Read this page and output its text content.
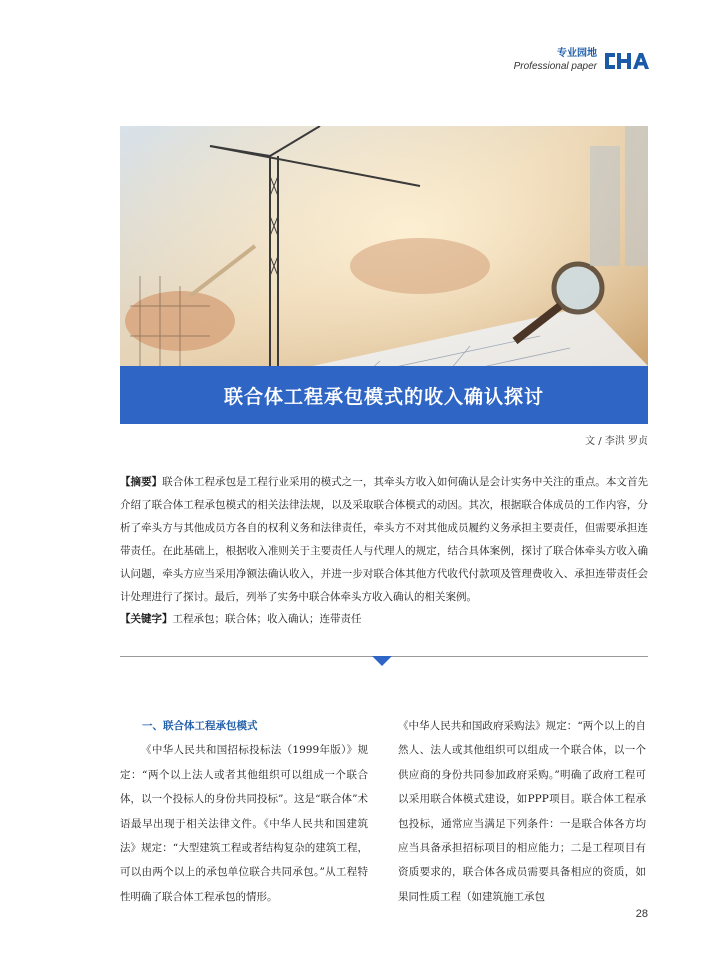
专业园地
Professional paper
联合体工程承包模式的收入确认探讨
文 / 李洪 罗贞
【摘要】联合体工程承包是工程行业采用的模式之一，其牵头方收入如何确认是会计实务中关注的重点。本文首先介绍了联合体工程承包模式的相关法律法规，以及采取联合体模式的动因。其次，根据联合体成员的工作内容，分析了牵头方与其他成员方各自的权利义务和法律责任，牵头方不对其他成员履约义务承担主要责任，但需要承担连带责任。在此基础上，根据收入准则关于主要责任人与代理人的规定，结合具体案例，探讨了联合体牵头方收入确认问题，牵头方应当采用净额法确认收入，并进一步对联合体其他方代收代付款项及管理费收入、承担连带责任会计处理进行了探讨。最后，列举了实务中联合体牵头方收入确认的相关案例。
【关键字】工程承包；联合体；收入确认；连带责任
一、联合体工程承包模式

《中华人民共和国招标投标法（1999年版）》规定：“两个以上法人或者其他组织可以组成一个联合体，以一个投标人的身份共同投标”。这是“联合体”术语最早出现于相关法律文件。《中华人民共和国建筑法》规定：“大型建筑工程或者结构复杂的建筑工程，可以由两个以上的承包单位联合共同承包。”从工程特性明确了联合体工程承包的情形。

《中华人民共和国政府采购法》规定：“两个以上的自然人、法人或其他组织可以组成一个联合体，以一个供应商的身份共同参加政府采购。”明确了政府工程可以采用联合体模式建设，如PPP项目。联合体工程承包投标，通常应当满足下列条件：一是联合体各方均应当具备承担招标项目的相应能力；二是工程项目有资质要求的，联合体各成员需要具备相应的资质，如果同性质工程（如建筑施工承包

28
